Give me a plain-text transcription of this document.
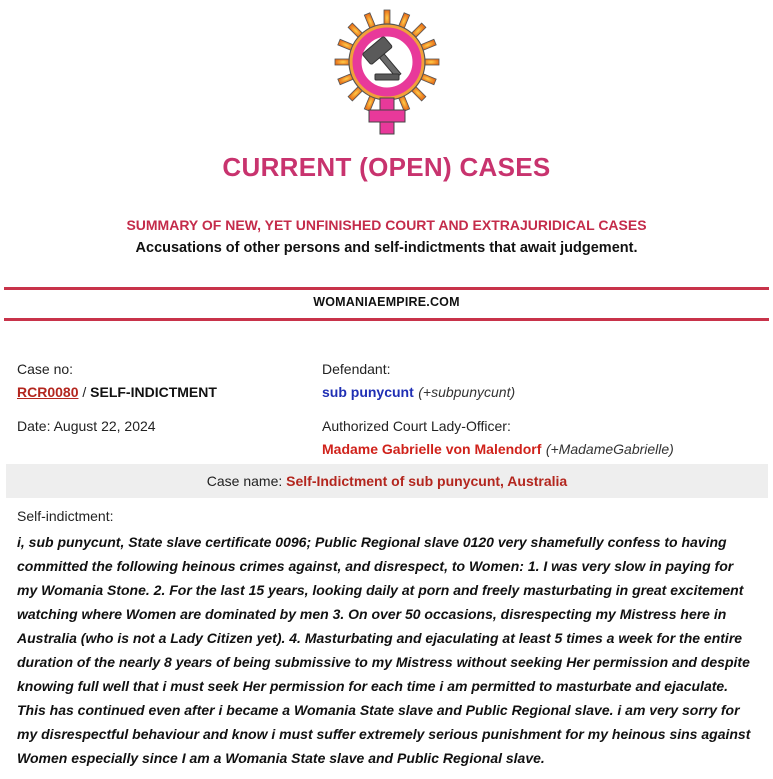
CURRENT (OPEN) CASES
SUMMARY OF NEW, YET UNFINISHED COURT AND EXTRAJURIDICAL CASES
Accusations of other persons and self-indictments that await judgement.
WOMANIAEMPIRE.COM
Case no:
RCR0080 / SELF-INDICTMENT
Date: August 22, 2024
Defendant:
sub punycunt (+subpunycunt)
Authorized Court Lady-Officer:
Madame Gabrielle von Malendorf (+MadameGabrielle)
Case name: Self-Indictment of sub punycunt, Australia
Self-indictment:
i, sub punycunt, State slave certificate 0096; Public Regional slave 0120 very shamefully confess to having committed the following heinous crimes against, and disrespect, to Women: 1. I was very slow in paying for my Womania Stone. 2. For the last 15 years, looking daily at porn and freely masturbating in great excitement watching where Women are dominated by men 3. On over 50 occasions, disrespecting my Mistress here in Australia (who is not a Lady Citizen yet). 4. Masturbating and ejaculating at least 5 times a week for the entire duration of the nearly 8 years of being submissive to my Mistress without seeking Her permission and despite knowing full well that i must seek Her permission for each time i am permitted to masturbate and ejaculate. This has continued even after i became a Womania State slave and Public Regional slave. i am very sorry for my disrespectful behaviour and know i must suffer extremely serious punishment for my heinous sins against Women especially since I am a Womania State slave and Public Regional slave.
